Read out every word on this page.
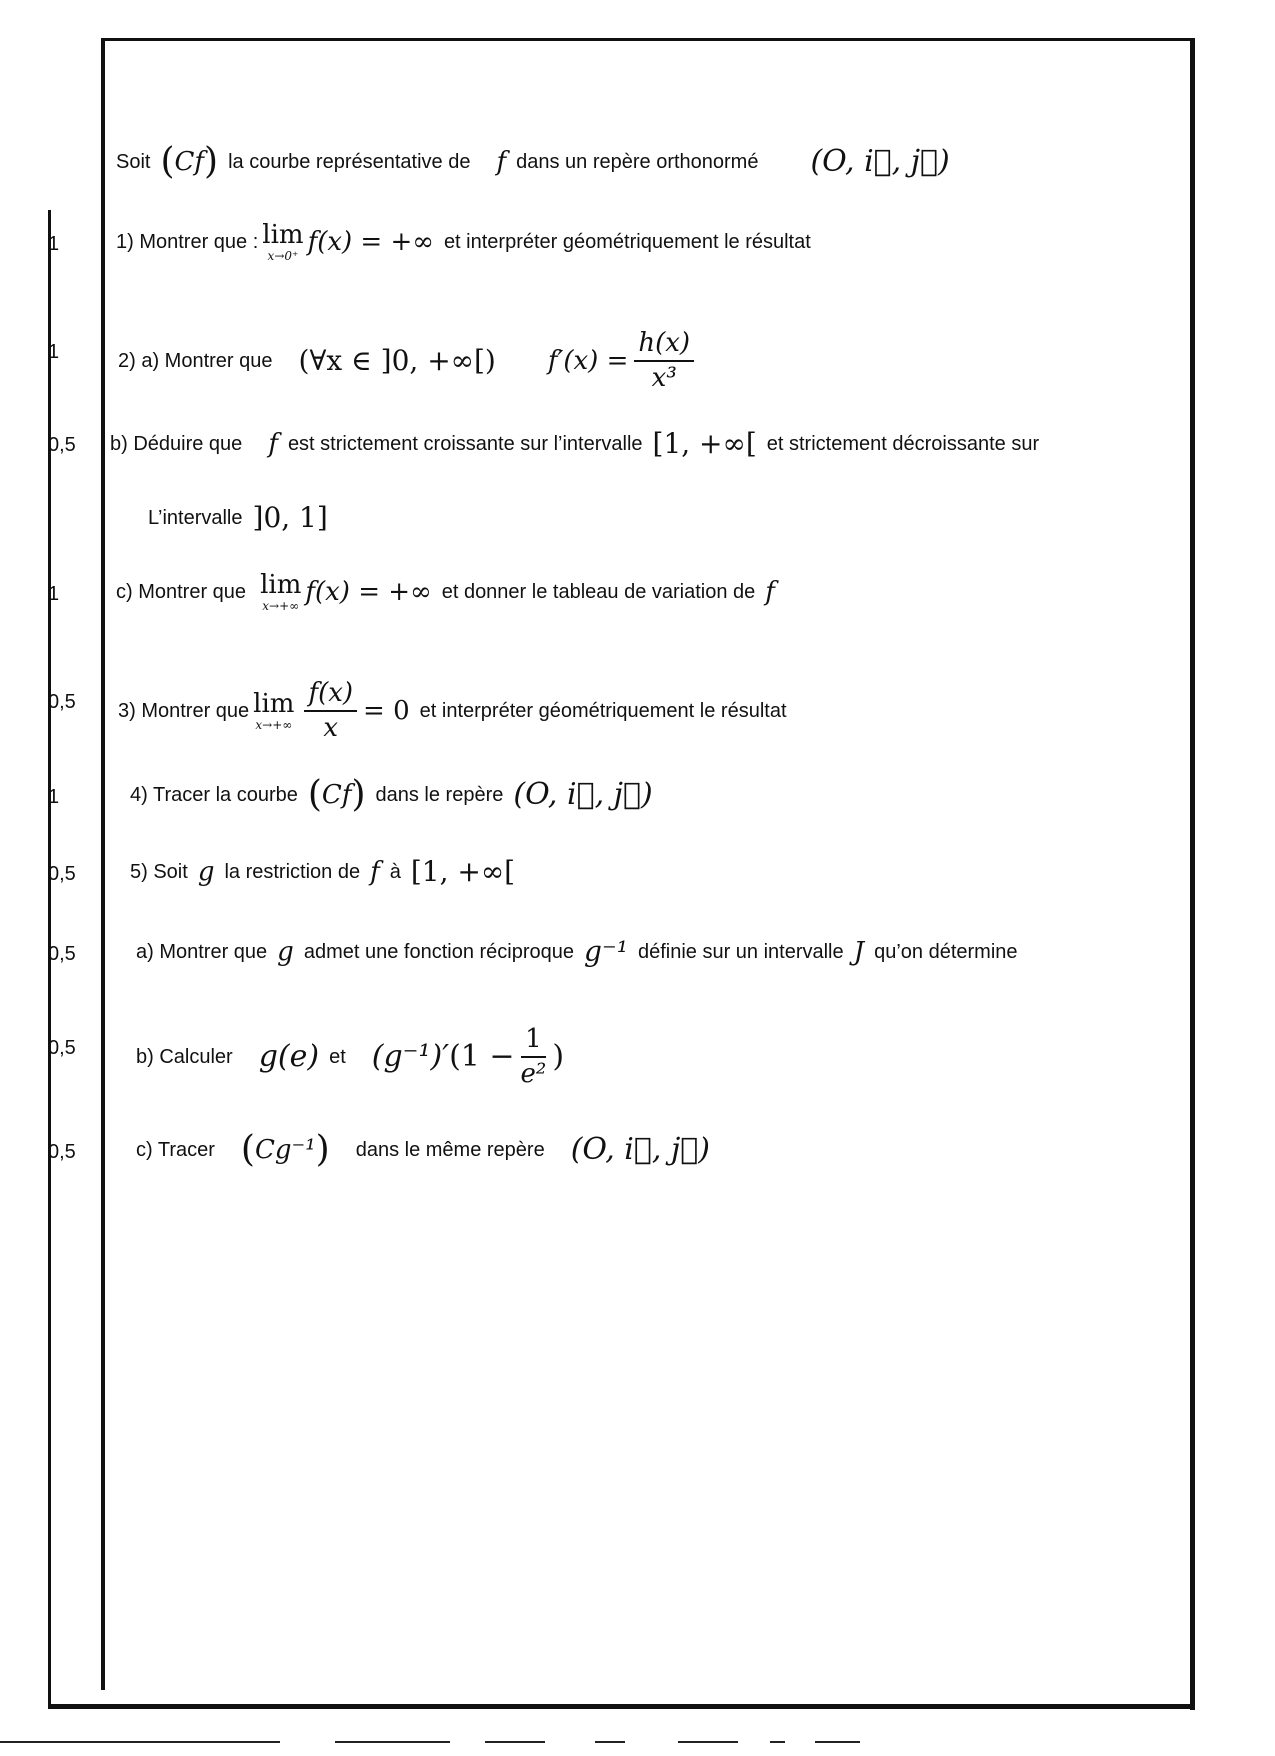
1
1
0,5
1
0,5
1
0,5
0,5
0,5
0,5
Soit ( C f ) la courbe représentative de f dans un repère orthonormé (O, i⃗, j⃗)
1) Montrer que : lim
x→0⁺ f(x) = +∞ et interpréter géométriquement le résultat
2) a) Montrer que (∀x ∈ ]0, +∞[) $f'(x) = \frac{h(x)}{\text{x³}}$
b) Déduire que f est strictement croissante sur l’intervalle [1, +∞[ et strictement décroissante sur
L’intervalle ]0, 1]
c) Montrer que lim
x→+∞ f(x) = +∞ et donner le tableau de variation de f
3) Montrer que lim
$x\to+\infty \frac{f(x)}{x} = 0$ et interpréter géométriquement le résultat
4) Tracer la courbe ( C f ) dans le repère (O, i⃗, j⃗)
5) Soit g la restriction de f à [1, +∞[
a) Montrer que g admet une fonction réciproque g⁻¹ définie sur un intervalle J qu’on détermine
b) Calculer g(e) et (g⁻¹)′ ($1 - \frac{1}{\text{e²}}$ )
c) Tracer ( C g⁻¹ ) dans le même repère (O, i⃗, j⃗)
